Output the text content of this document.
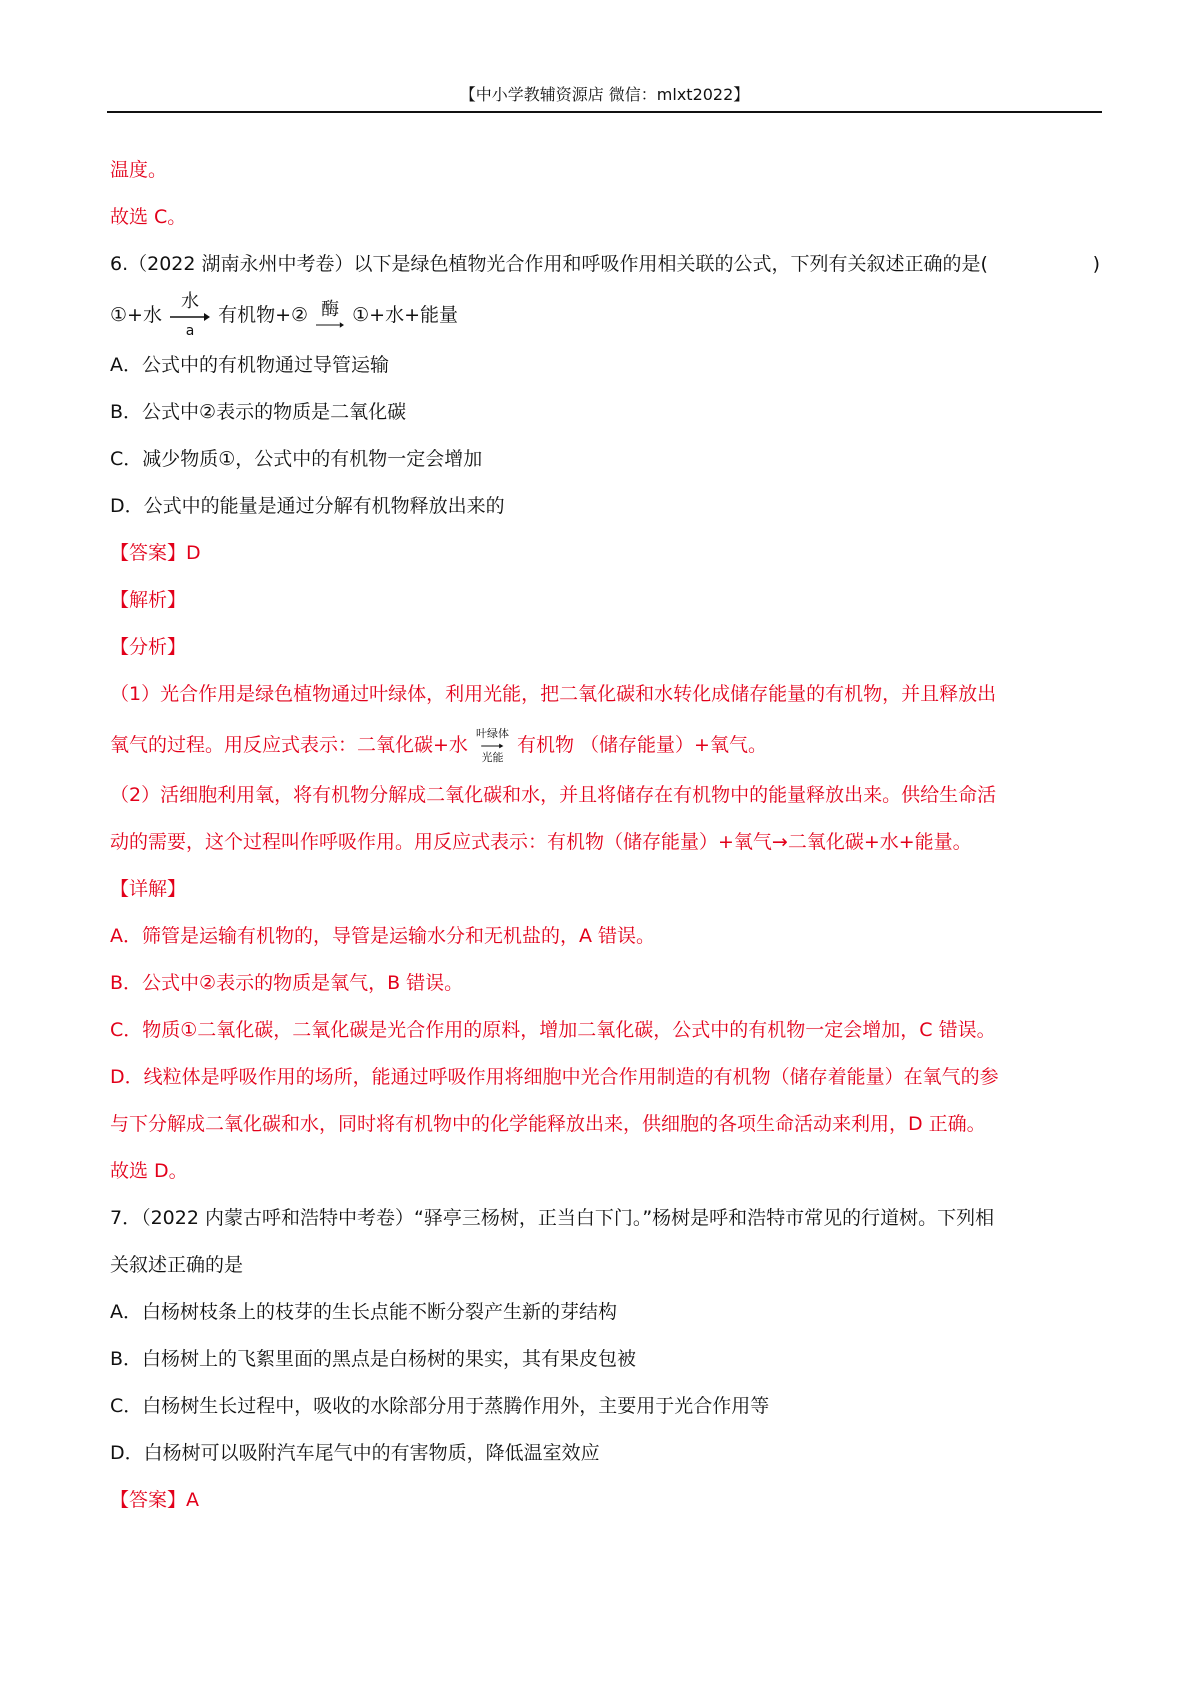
【中小学教辅资源店 微信：mlxt2022】
温度。
故选 C。
6.（2022 湖南永州中考卷）以下是绿色植物光合作用和呼吸作用相关联的公式，下列有关叙述正确的是(	)
①+水
水
a
有机物+② 酶 ①+水+能量
A．公式中的有机物通过导管运输
B．公式中②表示的物质是二氧化碳
C．减少物质①，公式中的有机物一定会增加
D．公式中的能量是通过分解有机物释放出来的
【答案】D
【解析】
【分析】
（1）光合作用是绿色植物通过叶绿体，利用光能，把二氧化碳和水转化成储存能量的有机物，并且释放出
氧气的过程。用反应式表示：二氧化碳+水
叶绿体
光能
有机物 （储存能量）+氧气。
（2）活细胞利用氧，将有机物分解成二氧化碳和水，并且将储存在有机物中的能量释放出来。供给生命活
动的需要，这个过程叫作呼吸作用。用反应式表示：有机物（储存能量）+氧气→二氧化碳+水+能量。
【详解】
A．筛管是运输有机物的，导管是运输水分和无机盐的，A 错误。
B．公式中②表示的物质是氧气，B 错误。
C．物质①二氧化碳，二氧化碳是光合作用的原料，增加二氧化碳，公式中的有机物一定会增加，C 错误。
D．线粒体是呼吸作用的场所，能通过呼吸作用将细胞中光合作用制造的有机物（储存着能量）在氧气的参
与下分解成二氧化碳和水，同时将有机物中的化学能释放出来，供细胞的各项生命活动来利用，D 正确。
故选 D。
7．（2022 内蒙古呼和浩特中考卷）“驿亭三杨树，正当白下门。”杨树是呼和浩特市常见的行道树。下列相
关叙述正确的是
A．白杨树枝条上的枝芽的生长点能不断分裂产生新的芽结构
B．白杨树上的飞絮里面的黑点是白杨树的果实，其有果皮包被
C．白杨树生长过程中，吸收的水除部分用于蒸腾作用外，主要用于光合作用等
D．白杨树可以吸附汽车尾气中的有害物质，降低温室效应
【答案】A
